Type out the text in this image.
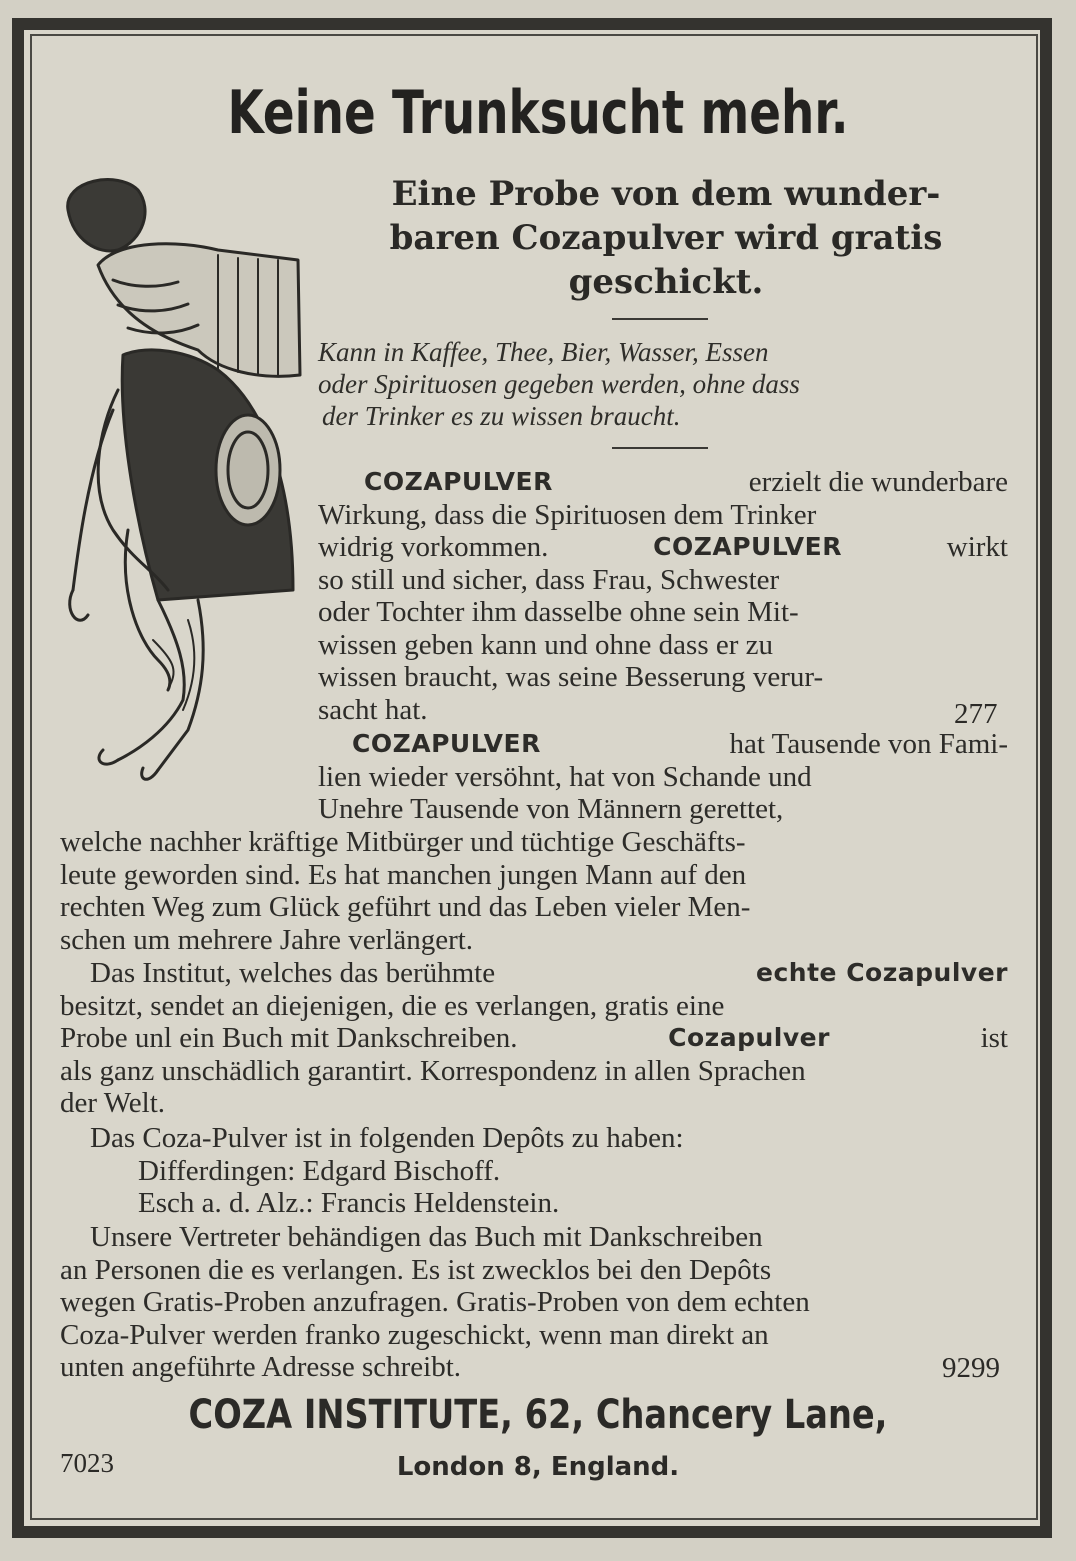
Keine Trunksucht mehr.
Eine Probe von dem wunder-
baren Cozapulver wird gratis
geschickt.
Kann in Kaffee, Thee, Bier, Wasser, Essen
oder Spirituosen gegeben werden, ohne dass
der Trinker es zu wissen braucht.
COZAPULVER	erzielt die wunderbare
Wirkung, dass die Spirituosen dem Trinker
widrig vorkommen.	COZAPULVER	wirkt
so still und sicher, dass Frau, Schwester
oder Tochter ihm dasselbe ohne sein Mit-
wissen geben kann und ohne dass er zu
wissen braucht, was seine Besserung verur-
sacht hat.	277
COZAPULVER	hat Tausende von Fami-
lien wieder versöhnt, hat von Schande und
Unehre Tausende von Männern gerettet,
welche nachher kräftige Mitbürger und tüchtige Geschäfts-
leute geworden sind. Es hat manchen jungen Mann auf den
rechten Weg zum Glück geführt und das Leben vieler Men-
schen um mehrere Jahre verlängert.
Das Institut, welches das berühmte	echte Cozapulver
besitzt, sendet an diejenigen, die es verlangen, gratis eine
Probe unl ein Buch mit Dankschreiben.	Cozapulver	ist
als ganz unschädlich garantirt. Korrespondenz in allen Sprachen
der Welt.
Das Coza-Pulver ist in folgenden Depôts zu haben:
Differdingen: Edgard Bischoff.
Esch a. d. Alz.: Francis Heldenstein.
Unsere Vertreter behändigen das Buch mit Dankschreiben
an Personen die es verlangen. Es ist zwecklos bei den Depôts
wegen Gratis-Proben anzufragen. Gratis-Proben von dem echten
Coza-Pulver werden franko zugeschickt, wenn man direkt an
unten angeführte Adresse schreibt.	9299
COZA INSTITUTE, 62, Chancery Lane,
London 8, England.
7023
